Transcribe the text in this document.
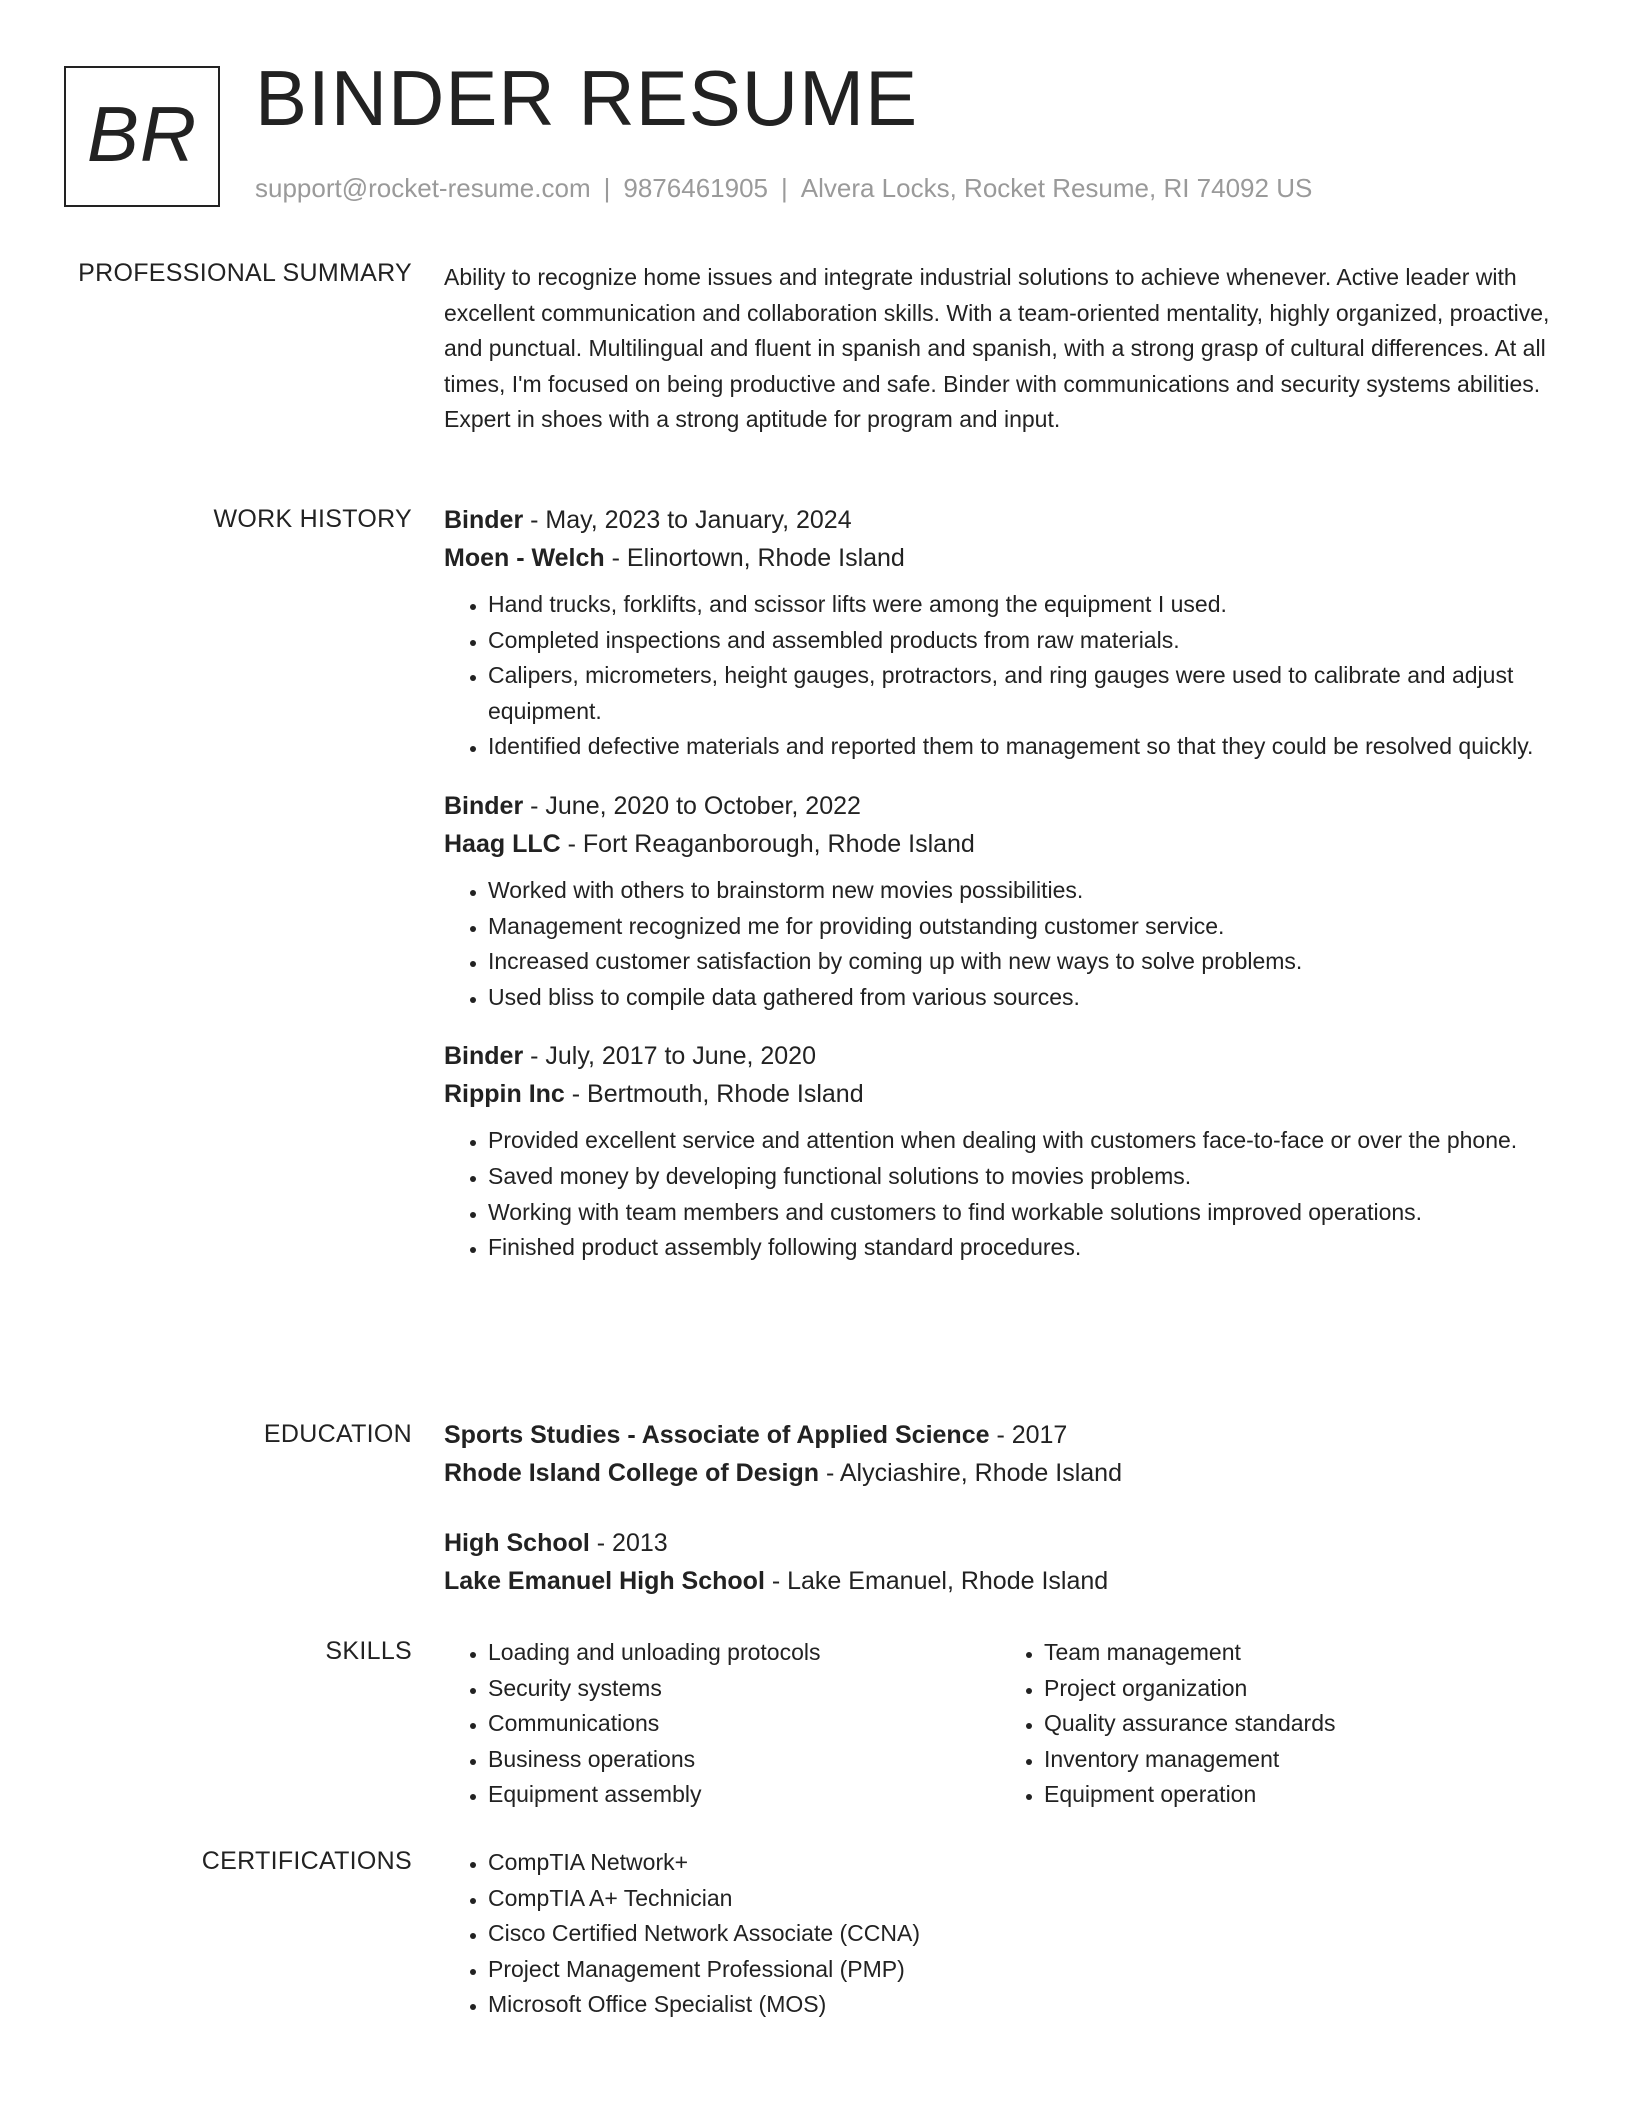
BR BINDER RESUME
support@rocket-resume.com | 9876461905 | Alvera Locks, Rocket Resume, RI 74092 US
PROFESSIONAL SUMMARY Ability to recognize home issues and integrate industrial solutions to achieve whenever. Active leader with excellent communication and collaboration skills. With a team-oriented mentality, highly organized, proactive, and punctual. Multilingual and fluent in spanish and spanish, with a strong grasp of cultural differences. At all times, I'm focused on being productive and safe. Binder with communications and security systems abilities. Expert in shoes with a strong aptitude for program and input.

WORK HISTORY Binder - May, 2023 to January, 2024
Moen - Welch - Elinortown, Rhode Island
• Hand trucks, forklifts, and scissor lifts were among the equipment I used.
• Completed inspections and assembled products from raw materials.
• Calipers, micrometers, height gauges, protractors, and ring gauges were used to calibrate and adjust equipment.
• Identified defective materials and reported them to management so that they could be resolved quickly.
Binder - June, 2020 to October, 2022
Haag LLC - Fort Reaganborough, Rhode Island
• Worked with others to brainstorm new movies possibilities.
• Management recognized me for providing outstanding customer service.
• Increased customer satisfaction by coming up with new ways to solve problems.
• Used bliss to compile data gathered from various sources.
Binder - July, 2017 to June, 2020
Rippin Inc - Bertmouth, Rhode Island
• Provided excellent service and attention when dealing with customers face-to-face or over the phone.
• Saved money by developing functional solutions to movies problems.
• Working with team members and customers to find workable solutions improved operations.
• Finished product assembly following standard procedures.
EDUCATION Sports Studies - Associate of Applied Science - 2017
Rhode Island College of Design - Alyciashire, Rhode Island
High School - 2013
Lake Emanuel High School - Lake Emanuel, Rhode Island
SKILLS	• Loading and unloading protocols
• Security systems
• Communications
• Business operations
• Equipment assembly
• Team management
• Project organization
• Quality assurance standards
• Inventory management
• Equipment operation
CERTIFICATIONS	• CompTIA Network+
• CompTIA A+ Technician
• Cisco Certified Network Associate (CCNA)
• Project Management Professional (PMP)
• Microsoft Office Specialist (MOS)
